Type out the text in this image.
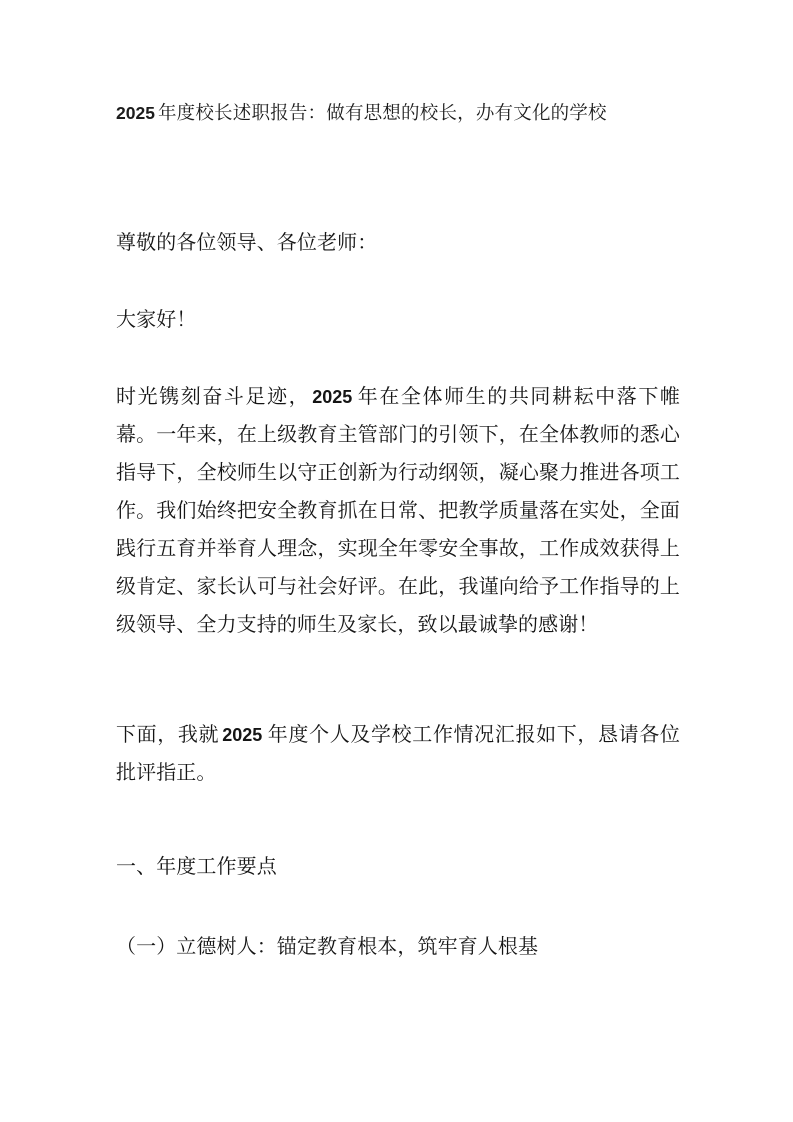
2025 年度校长述职报告：做有思想的校长，办有文化的学校

尊敬的各位领导、各位老师：

大家好！

时光镌刻奋斗足迹， 2025 年在全体师生的共同耕耘中落下帷幕。一年来，在上级教育主管部门的引领下，在全体教师的悉心指导下，全校师生以守正创新为行动纲领，凝心聚力推进各项工作。我们始终把安全教育抓在日常、把教学质量落在实处，全面践行五育并举育人理念，实现全年零安全事故，工作成效获得上级肯定、家长认可与社会好评。在此，我谨向给予工作指导的上级领导、全力支持的师生及家长，致以最诚挚的感谢！

下面，我就 2025 年度个人及学校工作情况汇报如下，恳请各位批评指正。

一、年度工作要点

（一）立德树人：锚定教育根本，筑牢育人根基
